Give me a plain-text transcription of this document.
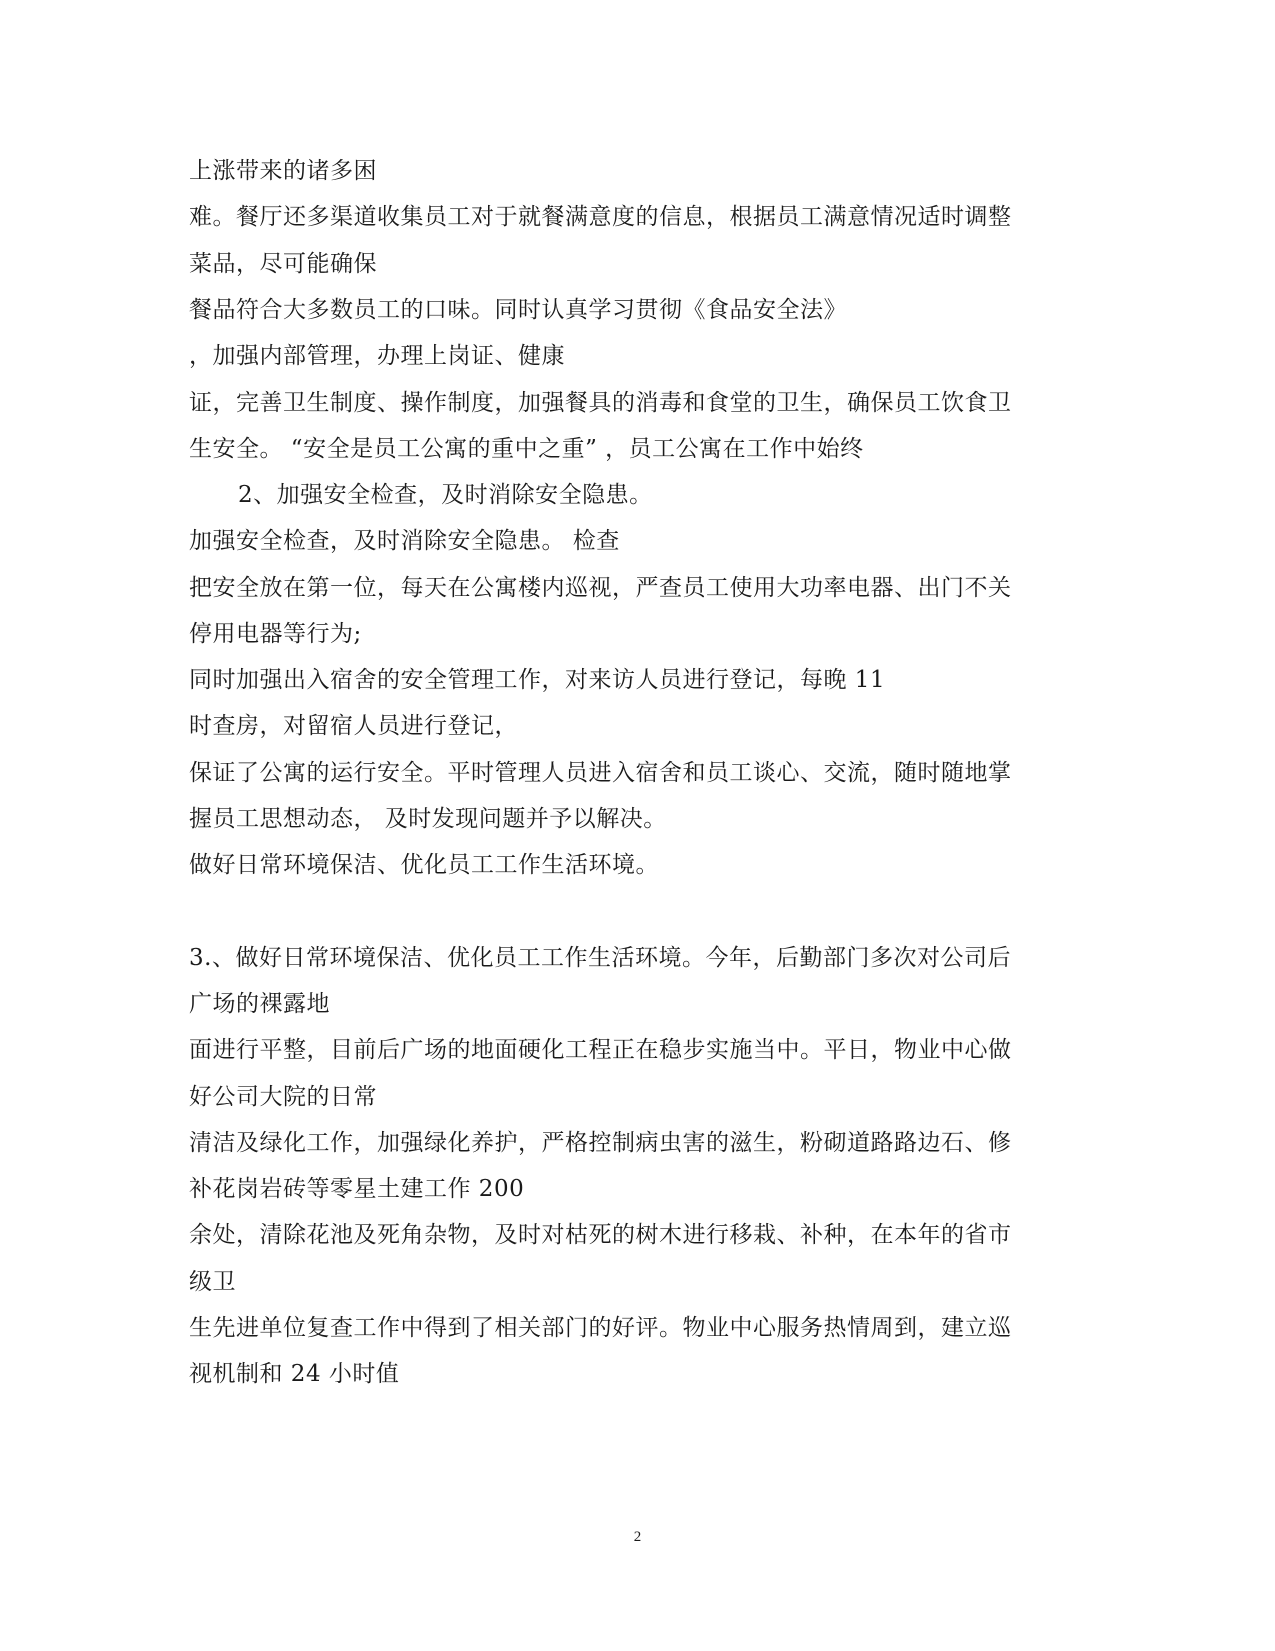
上涨带来的诸多困
难。餐厅还多渠道收集员工对于就餐满意度的信息，根据员工满意情况适时调整
菜品，尽可能确保
餐品符合大多数员工的口味。同时认真学习贯彻《食品安全法》
，加强内部管理，办理上岗证、健康
证，完善卫生制度、操作制度，加强餐具的消毒和食堂的卫生，确保员工饮食卫
生安全。 “安全是员工公寓的重中之重” ，员工公寓在工作中始终
2、加强安全检查，及时消除安全隐患。
加强安全检查，及时消除安全隐患。 检查
把安全放在第一位，每天在公寓楼内巡视，严查员工使用大功率电器、出门不关
停用电器等行为;
同时加强出入宿舍的安全管理工作，对来访人员进行登记，每晚 11
时查房，对留宿人员进行登记，
保证了公寓的运行安全。平时管理人员进入宿舍和员工谈心、交流，随时随地掌
握员工思想动态， 及时发现问题并予以解决。
做好日常环境保洁、优化员工工作生活环境。
3.、做好日常环境保洁、优化员工工作生活环境。今年，后勤部门多次对公司后
广场的裸露地
面进行平整，目前后广场的地面硬化工程正在稳步实施当中。平日，物业中心做
好公司大院的日常
清洁及绿化工作，加强绿化养护，严格控制病虫害的滋生，粉砌道路路边石、修
补花岗岩砖等零星土建工作 200
余处，清除花池及死角杂物，及时对枯死的树木进行移栽、补种，在本年的省市
级卫
生先进单位复查工作中得到了相关部门的好评。物业中心服务热情周到，建立巡
视机制和 24 小时值
2
